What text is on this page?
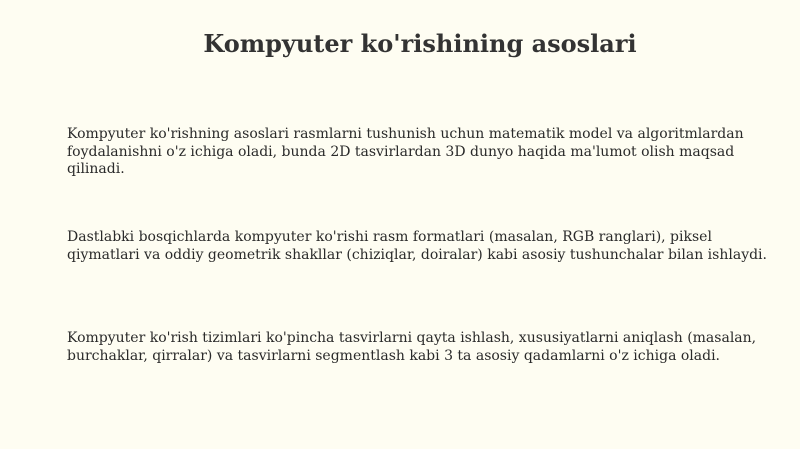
Kompyuter ko'rishining asoslari

Kompyuter ko'rishning asoslari rasmlarni tushunish uchun matematik model va algoritmlardan foydalanishni o'z ichiga oladi, bunda 2D tasvirlardan 3D dunyo haqida ma'lumot olish maqsad qilinadi.

Dastlabki bosqichlarda kompyuter ko'rishi rasm formatlari (masalan, RGB ranglari), piksel qiymatlari va oddiy geometrik shakllar (chiziqlar, doiralar) kabi asosiy tushunchalar bilan ishlaydi.

Kompyuter ko'rish tizimlari ko'pincha tasvirlarni qayta ishlash, xususiyatlarni aniqlash (masalan, burchaklar, qirralar) va tasvirlarni segmentlash kabi 3 ta asosiy qadamlarni o'z ichiga oladi.
